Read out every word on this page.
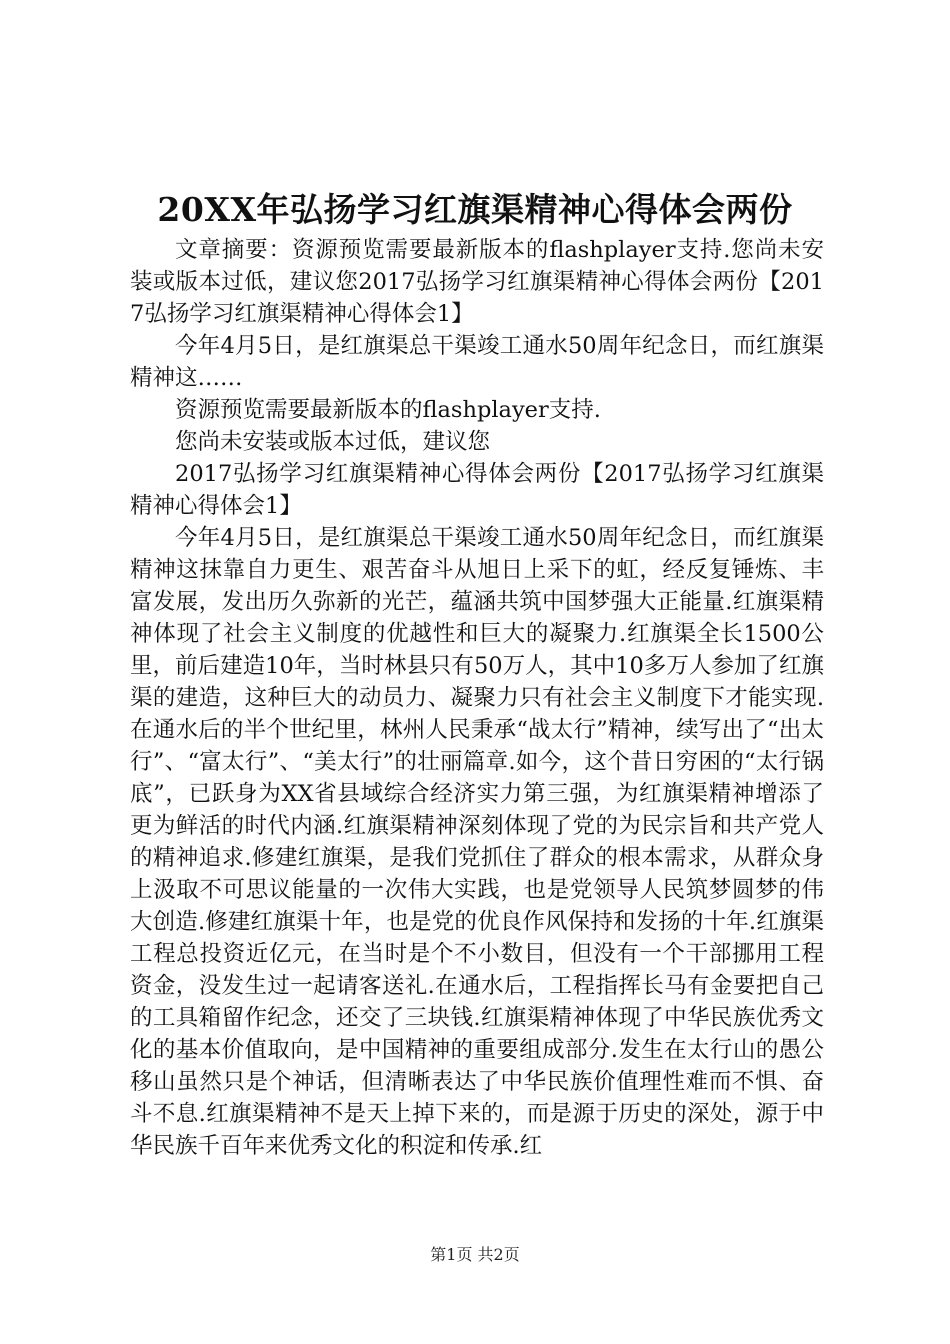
20XX年弘扬学习红旗渠精神心得体会两份

文章摘要：资源预览需要最新版本的flashplayer支持.您尚未安装或版本过低，建议您2017弘扬学习红旗渠精神心得体会两份【2017弘扬学习红旗渠精神心得体会1】

今年4月5日，是红旗渠总干渠竣工通水50周年纪念日，而红旗渠精神这……

资源预览需要最新版本的flashplayer支持.

您尚未安装或版本过低，建议您

2017弘扬学习红旗渠精神心得体会两份【2017弘扬学习红旗渠精神心得体会1】

今年4月5日，是红旗渠总干渠竣工通水50周年纪念日，而红旗渠精神这抹靠自力更生、艰苦奋斗从旭日上采下的虹，经反复锤炼、丰富发展，发出历久弥新的光芒，蕴涵共筑中国梦强大正能量.红旗渠精神体现了社会主义制度的优越性和巨大的凝聚力.红旗渠全长1500公里，前后建造10年，当时林县只有50万人，其中10多万人参加了红旗渠的建造，这种巨大的动员力、凝聚力只有社会主义制度下才能实现.在通水后的半个世纪里，林州人民秉承“战太行”精神，续写出了“出太行”、“富太行”、“美太行”的壮丽篇章.如今，这个昔日穷困的“太行锅底”，已跃身为XX省县域综合经济实力第三强，为红旗渠精神增添了更为鲜活的时代内涵.红旗渠精神深刻体现了党的为民宗旨和共产党人的精神追求.修建红旗渠，是我们党抓住了群众的根本需求，从群众身上汲取不可思议能量的一次伟大实践，也是党领导人民筑梦圆梦的伟大创造.修建红旗渠十年，也是党的优良作风保持和发扬的十年.红旗渠工程总投资近亿元，在当时是个不小数目，但没有一个干部挪用工程资金，没发生过一起请客送礼.在通水后，工程指挥长马有金要把自己的工具箱留作纪念，还交了三块钱.红旗渠精神体现了中华民族优秀文化的基本价值取向，是中国精神的重要组成部分.发生在太行山的愚公移山虽然只是个神话，但清晰表达了中华民族价值理性难而不惧、奋斗不息.红旗渠精神不是天上掉下来的，而是源于历史的深处，源于中华民族千百年来优秀文化的积淀和传承.红

第1页 共2页
